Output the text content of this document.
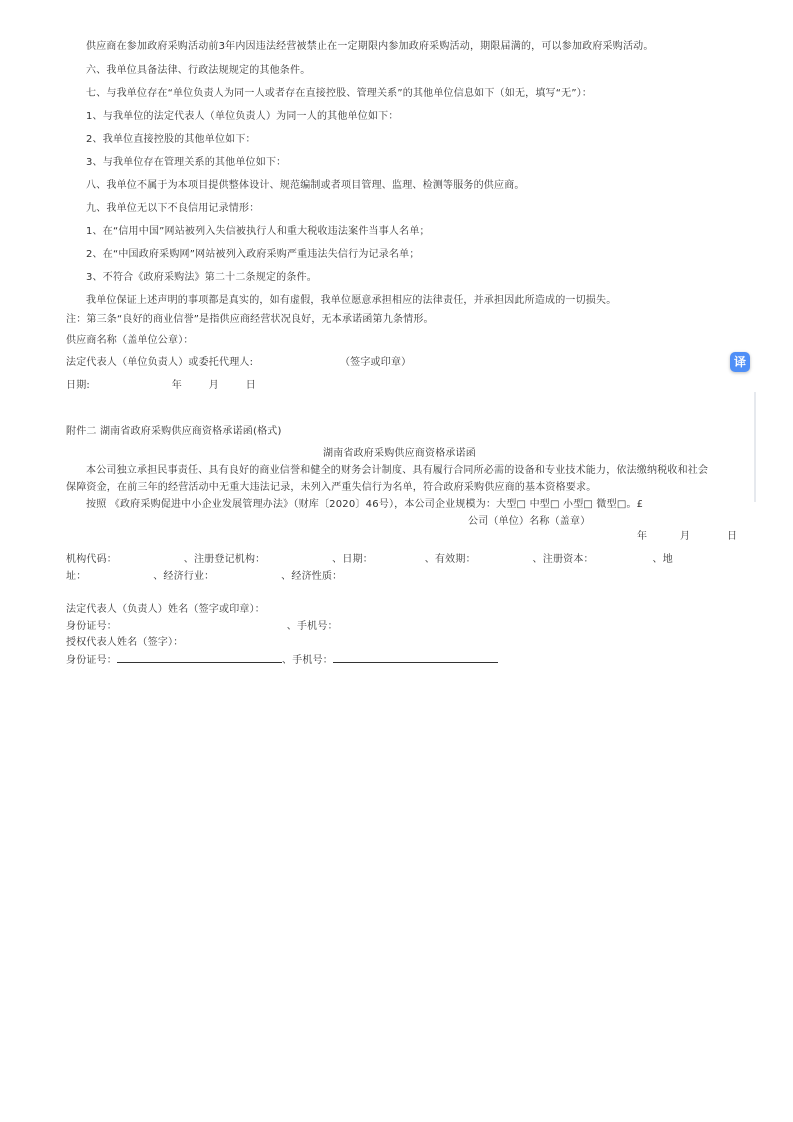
供应商在参加政府采购活动前3年内因违法经营被禁止在一定期限内参加政府采购活动，期限届满的，可以参加政府采购活动。
六、我单位具备法律、行政法规规定的其他条件。
七、与我单位存在“单位负责人为同一人或者存在直接控股、管理关系”的其他单位信息如下（如无，填写“无”）：
1、与我单位的法定代表人（单位负责人）为同一人的其他单位如下：
2、我单位直接控股的其他单位如下：
3、与我单位存在管理关系的其他单位如下：
八、我单位不属于为本项目提供整体设计、规范编制或者项目管理、监理、检测等服务的供应商。
九、我单位无以下不良信用记录情形：
1、在“信用中国”网站被列入失信被执行人和重大税收违法案件当事人名单；
2、在“中国政府采购网”网站被列入政府采购严重违法失信行为记录名单；
3、不符合《政府采购法》第二十二条规定的条件。
我单位保证上述声明的事项都是真实的，如有虚假，我单位愿意承担相应的法律责任，并承担因此所造成的一切损失。
注：第三条“良好的商业信誉”是指供应商经营状况良好，无本承诺函第九条情形。
供应商名称（盖单位公章）：
法定代表人（单位负责人）或委托代理人:	（签字或印章）
日期:	年	月	日
附件二 湖南省政府采购供应商资格承诺函(格式)
湖南省政府采购供应商资格承诺函
本公司独立承担民事责任、具有良好的商业信誉和健全的财务会计制度、具有履行合同所必需的设备和专业技术能力，依法缴纳税收和社会
保障资金，在前三年的经营活动中无重大违法记录，未列入严重失信行为名单，符合政府采购供应商的基本资格要求。
按照 《政府采购促进中小企业发展管理办法》（财库〔2020〕46号），本公司企业规模为：大型□ 中型□ 小型□ 微型□。£
公司（单位）名称（盖章）
年	月	日
机构代码：	、注册登记机构：	、日期：	、有效期：	、注册资本：	、地
址：	、经济行业：	、经济性质：
法定代表人（负责人）姓名（签字或印章）：
身份证号：	、手机号：
授权代表人姓名（签字）：
身份证号：	、手机号：
译
